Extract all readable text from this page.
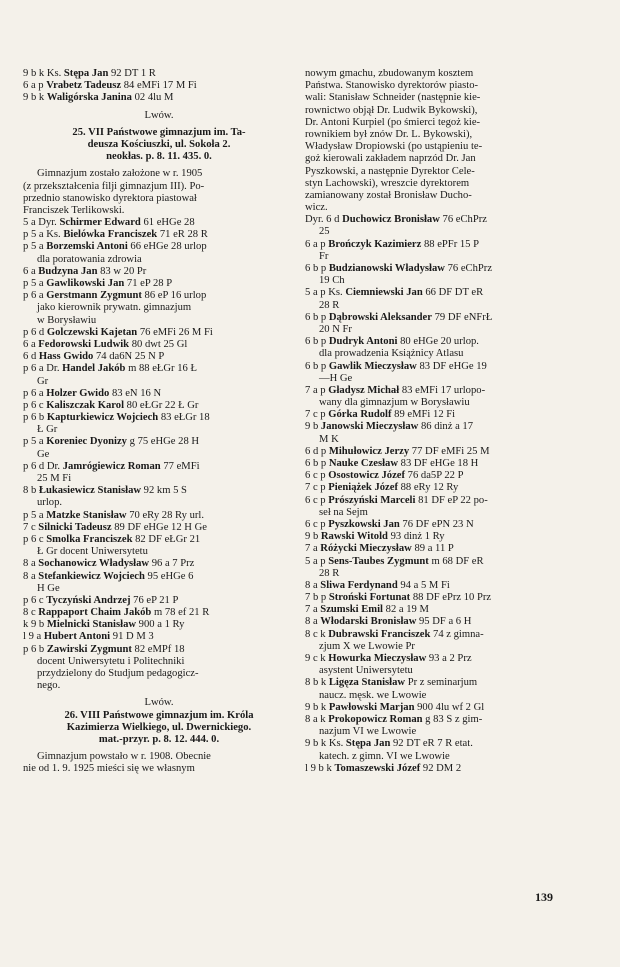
9 b k Ks. Stępa Jan 92 DT 1 R
6 a p Vrabetz Tadeusz 84 eMFi 17 M Fi
9 b k Waligórska Janina 02 4lu M
Lwów.
25. VII Państwowe gimnazjum im. Ta-
deusza Kościuszki, ul. Sokoła 2.
neokłas. p. 8. 11. 435. 0.
Gimnazjum zostało założone w r. 1905
(z przekształcenia filji gimnazjum III). Po-
przednio stanowisko dyrektora piastował
Franciszek Terlikowski.
5 a Dyr. Schirmer Edward 61 eHGe 28
p 5 a Ks. Bielówka Franciszek 71 eR 28 R
p 5 a Borzemski Antoni 66 eHGe 28 urlop
dla poratowania zdrowia
6 a Budzyna Jan 83 w 20 Pr
p 5 a Gawlikowski Jan 71 eP 28 P
p 6 a Gerstmann Zygmunt 86 eP 16 urlop
jako kierownik prywatn. gimnazjum
w Borysławiu
p 6 d Golczewski Kajetan 76 eMFi 26 M Fi
6 a Fedorowski Ludwik 80 dwt 25 Gl
6 d Hass Gwido 74 da6N 25 N P
p 6 a Dr. Handel Jakób m 88 eŁGr 16 Ł
Gr
p 6 a Holzer Gwido 83 eN 16 N
p 6 c Kaliszczak Karol 80 eŁGr 22 Ł Gr
p 6 b Kapturkiewicz Wojciech 83 eŁGr 18
Ł Gr
p 5 a Koreniec Dyonizy g 75 eHGe 28 H
Ge
p 6 d Dr. Jamrógiewicz Roman 77 eMFi
25 M Fi
8 b Łukasiewicz Stanisław 92 km 5 Ś
urlop.
p 5 a Matzke Stanisław 70 eRy 28 Ry url.
7 c Silnicki Tadeusz 89 DF eHGe 12 H Ge
p 6 c Smolka Franciszek 82 DF eŁGr 21
Ł Gr docent Uniwersytetu
8 a Sochanowicz Władysław 96 a 7 Prz
8 a Stefankiewicz Wojciech 95 eHGe 6
H Ge
p 6 c Tyczyński Andrzej 76 eP 21 P
8 c Rappaport Chaim Jakób m 78 ef 21 R
k 9 b Mielnicki Stanisław 900 a 1 Ry
l 9 a Hubert Antoni 91 D M 3
p 6 b Zawirski Zygmunt 82 eMPf 18
docent Uniwersytetu i Politechniki
przydzielony do Studjum pedagogicz-
nego.
Lwów.
26. VIII Państwowe gimnazjum im. Króla
Kazimierza Wielkiego, ul. Dwernickiego.
mat.-przyr. p. 8. 12. 444. 0.
Gimnazjum powstało w r. 1908. Obecnie
nie od 1. 9. 1925 mieści się we własnym
nowym gmachu, zbudowanym kosztem
Państwa. Stanowisko dyrektorów piasto-
wali: Stanisław Schneider (następnie kie-
rownictwo objął Dr. Ludwik Bykowski),
Dr. Antoni Kurpiel (po śmierci tegoż kie-
rownikiem był znów Dr. L. Bykowski),
Władysław Dropiowski (po ustąpieniu te-
goż kierowali zakładem naprzód Dr. Jan
Pyszkowski, a następnie Dyrektor Cele-
styn Lachowski), wreszcie dyrektorem
zamianowany został Bronisław Ducho-
wicz.
Dyr. 6 d Duchowicz Bronisław 76 eChPrz
25
6 a p Brończyk Kazimierz 88 ePFr 15 P
Fr
6 b p Budzianowski Władysław 76 eChPrz
19 Ch
5 a p Ks. Ciemniewski Jan 66 DF DT eR
28 R
6 b p Dąbrowski Aleksander 79 DF eNFrŁ
20 N Fr
6 b p Dudryk Antoni 80 eHGe 20 urlop.
dla prowadzenia Książnicy Atlasu
6 b p Gawlik Mieczysław 83 DF eHGe 19
—H Ge
7 a p Gładysz Michał 83 eMFi 17 urlopo-
wany dla gimnazjum w Borysławiu
7 c p Górka Rudolf 89 eMFi 12 Fi
9 b Janowski Mieczysław 86 dinż a 17
M K
6 d p Mihułowicz Jerzy 77 DF eMFi 25 M
6 b p Nauke Czesław 83 DF eHGe 18 H
6 c p Osostowicz Józef 76 da5P 22 P
7 c p Pieniążek Józef 88 eRy 12 Ry
6 c p Prószyński Marceli 81 DF eP 22 po-
seł na Sejm
6 c p Pyszkowski Jan 76 DF ePN 23 N
9 b Rawski Witold 93 dinż 1 Ry
7 a Różycki Mieczysław 89 a 11 P
5 a p Sens-Taubes Zygmunt m 68 DF eR
28 R
8 a Śliwa Ferdynand 94 a 5 M Fi
7 b p Stroński Fortunat 88 DF ePrz 10 Prz
7 a Szumski Emil 82 a 19 M
8 a Włodarski Bronisław 95 DF a 6 H
8 c k Dubrawski Franciszek 74 z gimna-
zjum X we Lwowie Pr
9 c k Howurka Mieczysław 93 a 2 Prz
asystent Uniwersytetu
8 b k Ligęza Stanisław Pr z seminarjum
naucz. męsk. we Lwowie
9 b k Pawłowski Marjan 900 4lu wf 2 Gl
8 a k Prokopowicz Roman g 83 Ś z gim-
nazjum VI we Lwowie
9 b k Ks. Stępa Jan 92 DT eR 7 R etat.
katech. z gimn. VI we Lwowie
l 9 b k Tomaszewski Józef 92 DM 2
139
